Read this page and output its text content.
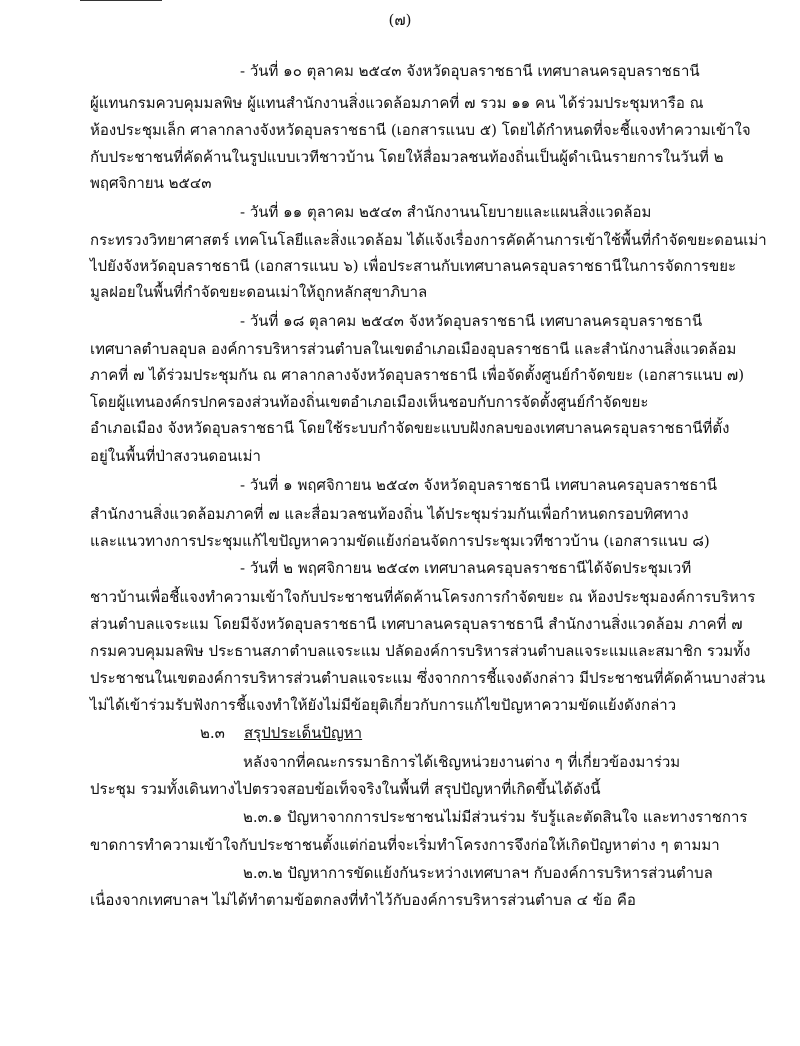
(๗)
- วันที่ ๑๐ ตุลาคม ๒๕๔๓ จังหวัดอุบลราชธานี เทศบาลนครอุบลราชธานี
ผู้แทนกรมควบคุมมลพิษ ผู้แทนสำนักงานสิ่งแวดล้อมภาคที่ ๗ รวม ๑๑ คน ได้ร่วมประชุมหารือ ณ
ห้องประชุมเล็ก ศาลากลางจังหวัดอุบลราชธานี (เอกสารแนบ ๕) โดยได้กำหนดที่จะชี้แจงทำความเข้าใจ
กับประชาชนที่คัดค้านในรูปแบบเวทีชาวบ้าน โดยให้สื่อมวลชนท้องถิ่นเป็นผู้ดำเนินรายการในวันที่ ๒
พฤศจิกายน ๒๕๔๓
- วันที่ ๑๑ ตุลาคม ๒๕๔๓ สำนักงานนโยบายและแผนสิ่งแวดล้อม
กระทรวงวิทยาศาสตร์ เทคโนโลยีและสิ่งแวดล้อม ได้แจ้งเรื่องการคัดค้านการเข้าใช้พื้นที่กำจัดขยะดอนเม่า
ไปยังจังหวัดอุบลราชธานี (เอกสารแนบ ๖) เพื่อประสานกับเทศบาลนครอุบลราชธานีในการจัดการขยะ
มูลฝอยในพื้นที่กำจัดขยะดอนเม่าให้ถูกหลักสุขาภิบาล
- วันที่ ๑๘ ตุลาคม ๒๕๔๓ จังหวัดอุบลราชธานี เทศบาลนครอุบลราชธานี
เทศบาลตำบลอุบล องค์การบริหารส่วนตำบลในเขตอำเภอเมืองอุบลราชธานี และสำนักงานสิ่งแวดล้อม
ภาคที่ ๗ ได้ร่วมประชุมกัน ณ ศาลากลางจังหวัดอุบลราชธานี เพื่อจัดตั้งศูนย์กำจัดขยะ (เอกสารแนบ ๗)
โดยผู้แทนองค์กรปกครองส่วนท้องถิ่นเขตอำเภอเมืองเห็นชอบกับการจัดตั้งศูนย์กำจัดขยะ
อำเภอเมือง จังหวัดอุบลราชธานี โดยใช้ระบบกำจัดขยะแบบฝังกลบของเทศบาลนครอุบลราชธานีที่ตั้ง
อยู่ในพื้นที่ป่าสงวนดอนเม่า
- วันที่ ๑ พฤศจิกายน ๒๕๔๓ จังหวัดอุบลราชธานี เทศบาลนครอุบลราชธานี
สำนักงานสิ่งแวดล้อมภาคที่ ๗ และสื่อมวลชนท้องถิ่น ได้ประชุมร่วมกันเพื่อกำหนดกรอบทิศทาง
และแนวทางการประชุมแก้ไขปัญหาความขัดแย้งก่อนจัดการประชุมเวทีชาวบ้าน (เอกสารแนบ ๘)
- วันที่ ๒ พฤศจิกายน ๒๕๔๓ เทศบาลนครอุบลราชธานีได้จัดประชุมเวที
ชาวบ้านเพื่อชี้แจงทำความเข้าใจกับประชาชนที่คัดค้านโครงการกำจัดขยะ ณ ห้องประชุมองค์การบริหาร
ส่วนตำบลแจระแม โดยมีจังหวัดอุบลราชธานี เทศบาลนครอุบลราชธานี สำนักงานสิ่งแวดล้อม ภาคที่ ๗
กรมควบคุมมลพิษ ประธานสภาตำบลแจระแม ปลัดองค์การบริหารส่วนตำบลแจระแมและสมาชิก รวมทั้ง
ประชาชนในเขตองค์การบริหารส่วนตำบลแจระแม ซึ่งจากการชี้แจงดังกล่าว มีประชาชนที่คัดค้านบางส่วน
ไม่ได้เข้าร่วมรับฟังการชี้แจงทำให้ยังไม่มีข้อยุติเกี่ยวกับการแก้ไขปัญหาความขัดแย้งดังกล่าว
๒.๓ สรุปประเด็นปัญหา
หลังจากที่คณะกรรมาธิการได้เชิญหน่วยงานต่าง ๆ ที่เกี่ยวข้องมาร่วม
ประชุม รวมทั้งเดินทางไปตรวจสอบข้อเท็จจริงในพื้นที่ สรุปปัญหาที่เกิดขึ้นได้ดังนี้
๒.๓.๑ ปัญหาจากการประชาชนไม่มีส่วนร่วม รับรู้และตัดสินใจ และทางราชการ
ขาดการทำความเข้าใจกับประชาชนตั้งแต่ก่อนที่จะเริ่มทำโครงการจึงก่อให้เกิดปัญหาต่าง ๆ ตามมา
๒.๓.๒ ปัญหาการขัดแย้งกันระหว่างเทศบาลฯ กับองค์การบริหารส่วนตำบล
เนื่องจากเทศบาลฯ ไม่ได้ทำตามข้อตกลงที่ทำไว้กับองค์การบริหารส่วนตำบล ๔ ข้อ คือ
